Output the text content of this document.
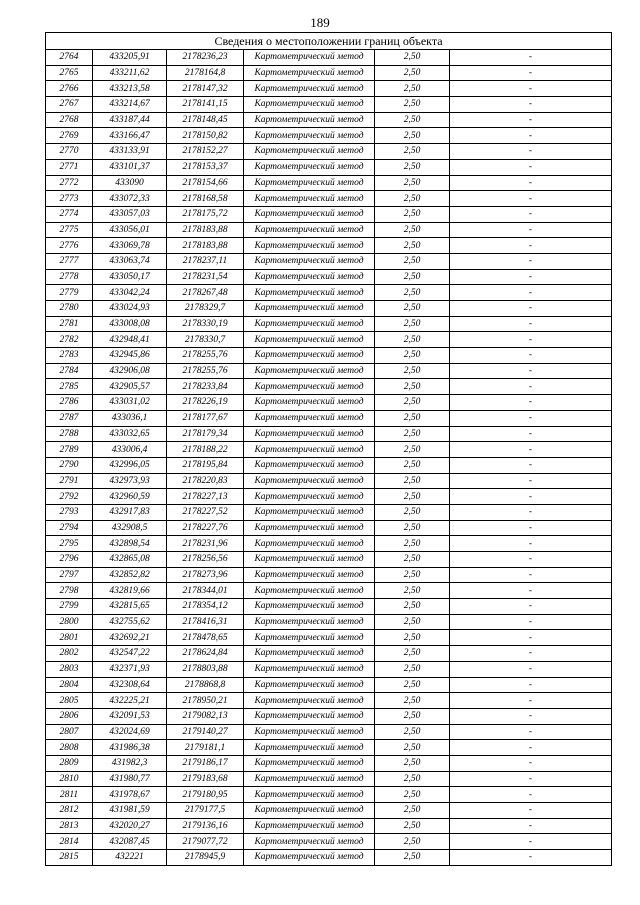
189
Сведения о местоположении границ объекта					
2764	433205,91	2178236,23	Картометрический метод	2,50	-
2765	433211,62	2178164,8	Картометрический метод	2,50	-
2766	433213,58	2178147,32	Картометрический метод	2,50	-
2767	433214,67	2178141,15	Картометрический метод	2,50	-
2768	433187,44	2178148,45	Картометрический метод	2,50	-
2769	433166,47	2178150,82	Картометрический метод	2,50	-
2770	433133,91	2178152,27	Картометрический метод	2,50	-
2771	433101,37	2178153,37	Картометрический метод	2,50	-
2772	433090	2178154,66	Картометрический метод	2,50	-
2773	433072,33	2178168,58	Картометрический метод	2,50	-
2774	433057,03	2178175,72	Картометрический метод	2,50	-
2775	433056,01	2178183,88	Картометрический метод	2,50	-
2776	433069,78	2178183,88	Картометрический метод	2,50	-
2777	433063,74	2178237,11	Картометрический метод	2,50	-
2778	433050,17	2178231,54	Картометрический метод	2,50	-
2779	433042,24	2178267,48	Картометрический метод	2,50	-
2780	433024,93	2178329,7	Картометрический метод	2,50	-
2781	433008,08	2178330,19	Картометрический метод	2,50	-
2782	432948,41	2178330,7	Картометрический метод	2,50	-
2783	432945,86	2178255,76	Картометрический метод	2,50	-
2784	432906,08	2178255,76	Картометрический метод	2,50	-
2785	432905,57	2178233,84	Картометрический метод	2,50	-
2786	433031,02	2178226,19	Картометрический метод	2,50	-
2787	433036,1	2178177,67	Картометрический метод	2,50	-
2788	433032,65	2178179,34	Картометрический метод	2,50	-
2789	433006,4	2178188,22	Картометрический метод	2,50	-
2790	432996,05	2178195,84	Картометрический метод	2,50	-
2791	432973,93	2178220,83	Картометрический метод	2,50	-
2792	432960,59	2178227,13	Картометрический метод	2,50	-
2793	432917,83	2178227,52	Картометрический метод	2,50	-
2794	432908,5	2178227,76	Картометрический метод	2,50	-
2795	432898,54	2178231,96	Картометрический метод	2,50	-
2796	432865,08	2178256,56	Картометрический метод	2,50	-
2797	432852,82	2178273,96	Картометрический метод	2,50	-
2798	432819,66	2178344,01	Картометрический метод	2,50	-
2799	432815,65	2178354,12	Картометрический метод	2,50	-
2800	432755,62	2178416,31	Картометрический метод	2,50	-
2801	432692,21	2178478,65	Картометрический метод	2,50	-
2802	432547,22	2178624,84	Картометрический метод	2,50	-
2803	432371,93	2178803,88	Картометрический метод	2,50	-
2804	432308,64	2178868,8	Картометрический метод	2,50	-
2805	432225,21	2178950,21	Картометрический метод	2,50	-
2806	432091,53	2179082,13	Картометрический метод	2,50	-
2807	432024,69	2179140,27	Картометрический метод	2,50	-
2808	431986,38	2179181,1	Картометрический метод	2,50	-
2809	431982,3	2179186,17	Картометрический метод	2,50	-
2810	431980,77	2179183,68	Картометрический метод	2,50	-
2811	431978,67	2179180,95	Картометрический метод	2,50	-
2812	431981,59	2179177,5	Картометрический метод	2,50	-
2813	432020,27	2179136,16	Картометрический метод	2,50	-
2814	432087,45	2179077,72	Картометрический метод	2,50	-
2815	432221	2178945,9	Картометрический метод	2,50	-
